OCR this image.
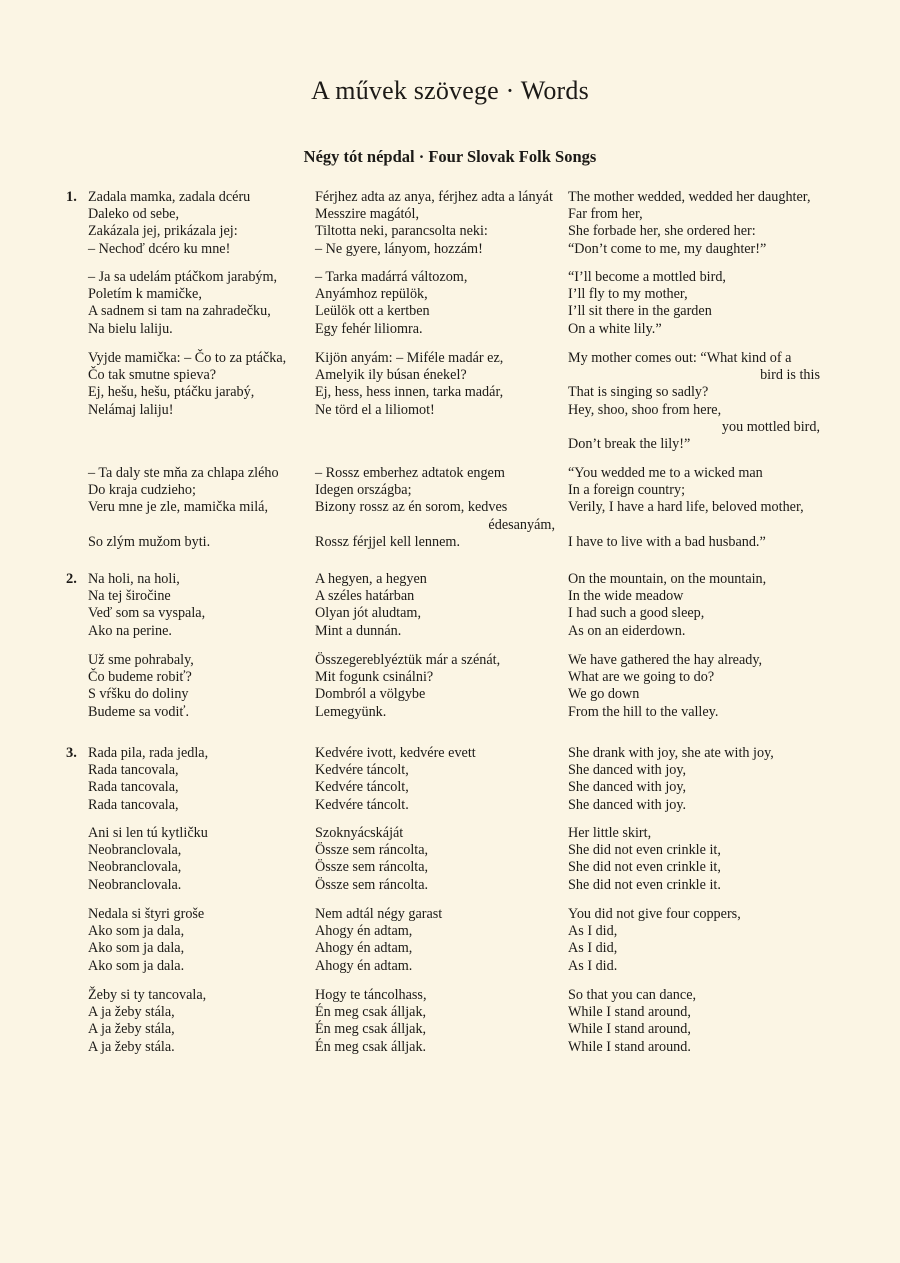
A művek szövege · Words
Négy tót népdal · Four Slovak Folk Songs
1. Zadala mamka, zadala dcéru
Daleko od sebe,
Zakázala jej, prikázala jej:
– Nechoď dcéro ku mne!
Férjhez adta az anya, férjhez adta a lányát
Messzire magától,
Tiltotta neki, parancsolta neki:
– Ne gyere, lányom, hozzám!
The mother wedded, wedded her daughter,
Far from her,
She forbade her, she ordered her:
“Don’t come to me, my daughter!”
– Ja sa udelám ptáčkom jarabým,
Poletím k mamičke,
A sadnem si tam na zahradečku,
Na bielu laliju.
– Tarka madárrá változom,
Anyámhoz repülök,
Leülök ott a kertben
Egy fehér liliomra.
“I’ll become a mottled bird,
I’ll fly to my mother,
I’ll sit there in the garden
On a white lily.”
Vyjde mamička: – Čo to za ptáčka,
Čo tak smutne spieva?
Ej, hešu, hešu, ptáčku jarabý,
Nelámaj laliju!
Kijön anyám: – Miféle madár ez,
Amelyik ily búsan énekel?
Ej, hess, hess innen, tarka madár,
Ne törd el a liliomot!
My mother comes out: “What kind of a
bird is this
That is singing so sadly?
Hey, shoo, shoo from here,
you mottled bird,
Don’t break the lily!”
– Ta daly ste mňa za chlapa zlého
Do kraja cudzieho;
Veru mne je zle, mamička milá,
So zlým mužom byti.
– Rossz emberhez adtatok engem
Idegen országba;
Bizony rossz az én sorom, kedves
édesanyám,
Rossz férjjel kell lennem.
“You wedded me to a wicked man
In a foreign country;
Verily, I have a hard life, beloved mother,
I have to live with a bad husband.”
2. Na holi, na holi,
Na tej širočine
Veď som sa vyspala,
Ako na perine.
A hegyen, a hegyen
A széles határban
Olyan jót aludtam,
Mint a dunnán.
On the mountain, on the mountain,
In the wide meadow
I had such a good sleep,
As on an eiderdown.
Už sme pohrabaly,
Čo budeme robiť?
S vŕšku do doliny
Budeme sa vodiť.
Összegereblyéztük már a szénát,
Mit fogunk csinálni?
Dombról a völgybe
Lemegyünk.
We have gathered the hay already,
What are we going to do?
We go down
From the hill to the valley.
3. Rada pila, rada jedla,
Rada tancovala,
Rada tancovala,
Rada tancovala,
Kedvére ivott, kedvére evett
Kedvére táncolt,
Kedvére táncolt,
Kedvére táncolt.
She drank with joy, she ate with joy,
She danced with joy,
She danced with joy,
She danced with joy.
Ani si len tú kytličku
Neobranclovala,
Neobranclovala,
Neobranclovala.
Szoknyácskáját
Össze sem ráncolta,
Össze sem ráncolta,
Össze sem ráncolta.
Her little skirt,
She did not even crinkle it,
She did not even crinkle it,
She did not even crinkle it.
Nedala si štyri groše
Ako som ja dala,
Ako som ja dala,
Ako som ja dala.
Nem adtál négy garast
Ahogy én adtam,
Ahogy én adtam,
Ahogy én adtam.
You did not give four coppers,
As I did,
As I did,
As I did.
Žeby si ty tancovala,
A ja žeby stála,
A ja žeby stála,
A ja žeby stála.
Hogy te táncolhass,
Én meg csak álljak,
Én meg csak álljak,
Én meg csak álljak.
So that you can dance,
While I stand around,
While I stand around,
While I stand around.
